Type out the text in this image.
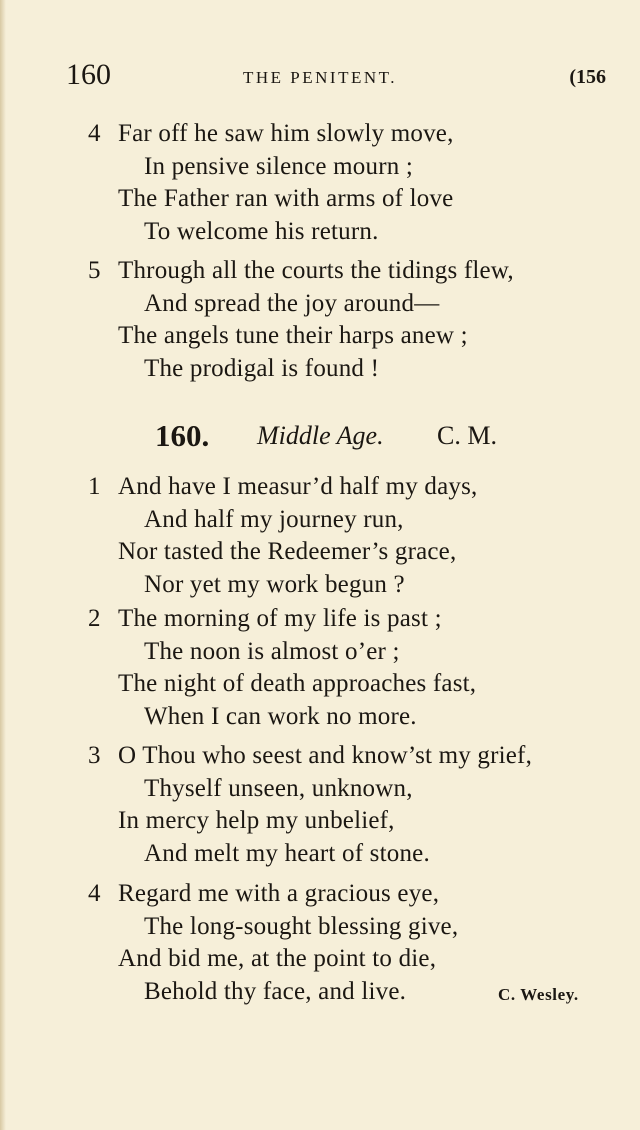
160	THE PENITENT.	(156
4 Far off he saw him slowly move,
In pensive silence mourn ;
The Father ran with arms of love
To welcome his return.
5 Through all the courts the tidings flew,
And spread the joy around—
The angels tune their harps anew ;
The prodigal is found !
160. Middle Age. C. M.
1 And have I measur’d half my days,
And half my journey run,
Nor tasted the Redeemer’s grace,
Nor yet my work begun ?
2 The morning of my life is past ;
The noon is almost o’er ;
The night of death approaches fast,
When I can work no more.
3 O Thou who seest and know’st my grief,
Thyself unseen, unknown,
In mercy help my unbelief,
And melt my heart of stone.
4 Regard me with a gracious eye,
The long-sought blessing give,
And bid me, at the point to die,
Behold thy face, and live.	C. Wesley.
